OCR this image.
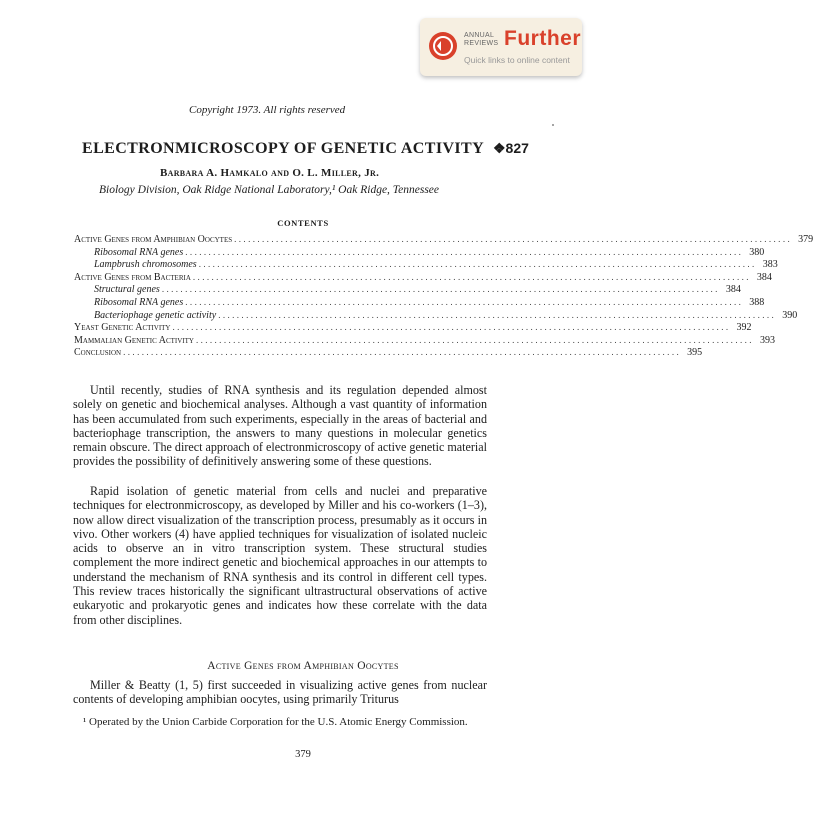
ANNUAL
REVIEWS Further
Quick links to online content
Copyright 1973. All rights reserved
ELECTRONMICROSCOPY OF GENETIC ACTIVITY ❖827
Barbara A. Hamkalo and O. L. Miller, Jr.
Biology Division, Oak Ridge National Laboratory,¹ Oak Ridge, Tennessee
CONTENTS
Active Genes from Amphibian Oocytes ........................................................................................................................ 379
Ribosomal RNA genes ........................................................................................................................ 380
Lampbrush chromosomes ........................................................................................................................ 383
Active Genes from Bacteria ........................................................................................................................ 384
Structural genes ........................................................................................................................ 384
Ribosomal RNA genes ........................................................................................................................ 388
Bacteriophage genetic activity ........................................................................................................................ 390
Yeast Genetic Activity ........................................................................................................................ 392
Mammalian Genetic Activity ........................................................................................................................ 393
Conclusion ........................................................................................................................ 395

Until recently, studies of RNA synthesis and its regulation depended almost solely on genetic and biochemical analyses. Although a vast quantity of information has been accumulated from such experiments, especially in the areas of bacterial and bacteriophage transcription, the answers to many questions in molecular genetics remain obscure. The direct approach of electronmicroscopy of active genetic material provides the possibility of definitively answering some of these questions.

Rapid isolation of genetic material from cells and nuclei and preparative techniques for electronmicroscopy, as developed by Miller and his co-workers (1–3), now allow direct visualization of the transcription process, presumably as it occurs in vivo. Other workers (4) have applied techniques for visualization of isolated nucleic acids to observe an in vitro transcription system. These structural studies complement the more indirect genetic and biochemical approaches in our attempts to understand the mechanism of RNA synthesis and its control in different cell types. This review traces historically the significant ultrastructural observations of active eukaryotic and prokaryotic genes and indicates how these correlate with the data from other disciplines.

Active Genes from Amphibian Oocytes

Miller & Beatty (1, 5) first succeeded in visualizing active genes from nuclear contents of developing amphibian oocytes, using primarily Triturus

¹ Operated by the Union Carbide Corporation for the U.S. Atomic Energy Commission.

379
